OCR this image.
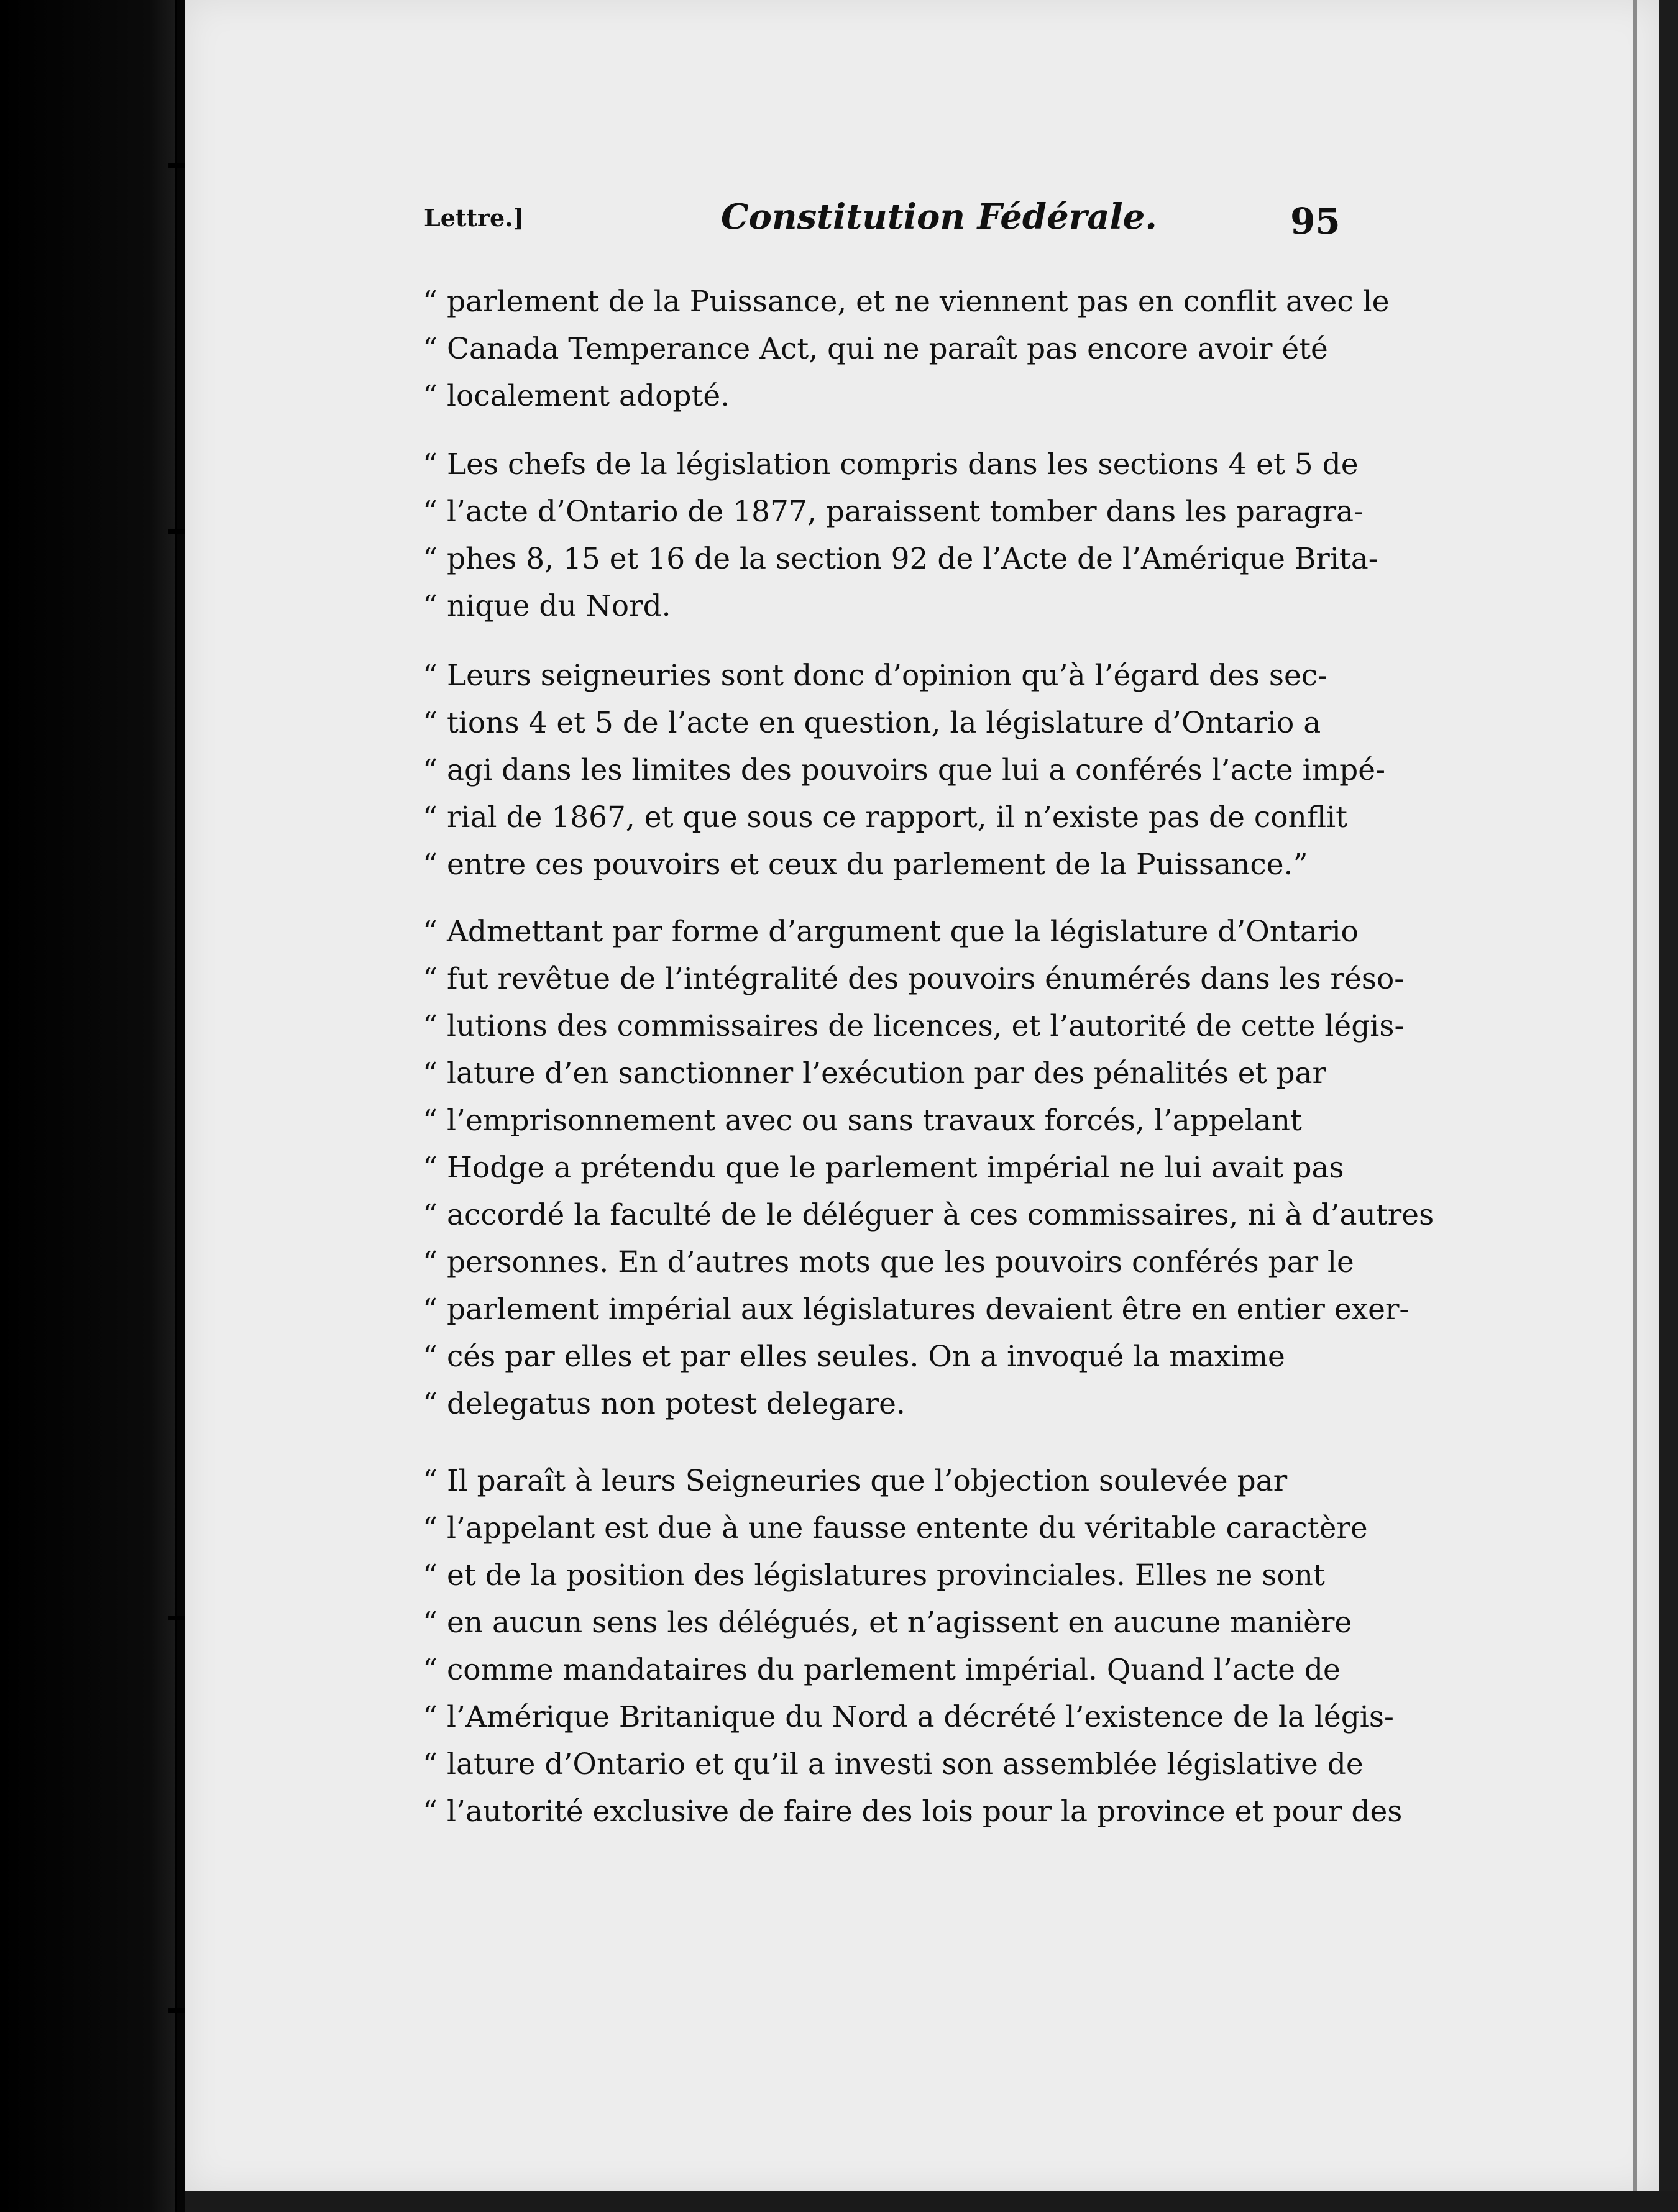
Lettre.]	Constitution Fédérale.	95
“ parlement de la Puissance, et ne viennent pas en conflit avec le
“ Canada Temperance Act, qui ne paraît pas encore avoir été
“ localement adopté.
“ Les chefs de la législation compris dans les sections 4 et 5 de
“ l’acte d’Ontario de 1877, paraissent tomber dans les paragra-
“ phes 8, 15 et 16 de la section 92 de l’Acte de l’Amérique Brita-
“ nique du Nord.
“ Leurs seigneuries sont donc d’opinion qu’à l’égard des sec-
“ tions 4 et 5 de l’acte en question, la législature d’Ontario a
“ agi dans les limites des pouvoirs que lui a conférés l’acte impé-
“ rial de 1867, et que sous ce rapport, il n’existe pas de conflit
“ entre ces pouvoirs et ceux du parlement de la Puissance.”
“ Admettant par forme d’argument que la législature d’Ontario
“ fut revêtue de l’intégralité des pouvoirs énumérés dans les réso-
“ lutions des commissaires de licences, et l’autorité de cette légis-
“ lature d’en sanctionner l’exécution par des pénalités et par
“ l’emprisonnement avec ou sans travaux forcés, l’appelant
“ Hodge a prétendu que le parlement impérial ne lui avait pas
“ accordé la faculté de le déléguer à ces commissaires, ni à d’autres
“ personnes. En d’autres mots que les pouvoirs conférés par le
“ parlement impérial aux législatures devaient être en entier exer-
“ cés par elles et par elles seules. On a invoqué la maxime
“ delegatus non potest delegare.
“ Il paraît à leurs Seigneuries que l’objection soulevée par
“ l’appelant est due à une fausse entente du véritable caractère
“ et de la position des législatures provinciales. Elles ne sont
“ en aucun sens les délégués, et n’agissent en aucune manière
“ comme mandataires du parlement impérial. Quand l’acte de
“ l’Amérique Britanique du Nord a décrété l’existence de la légis-
“ lature d’Ontario et qu’il a investi son assemblée législative de
“ l’autorité exclusive de faire des lois pour la province et pour des
